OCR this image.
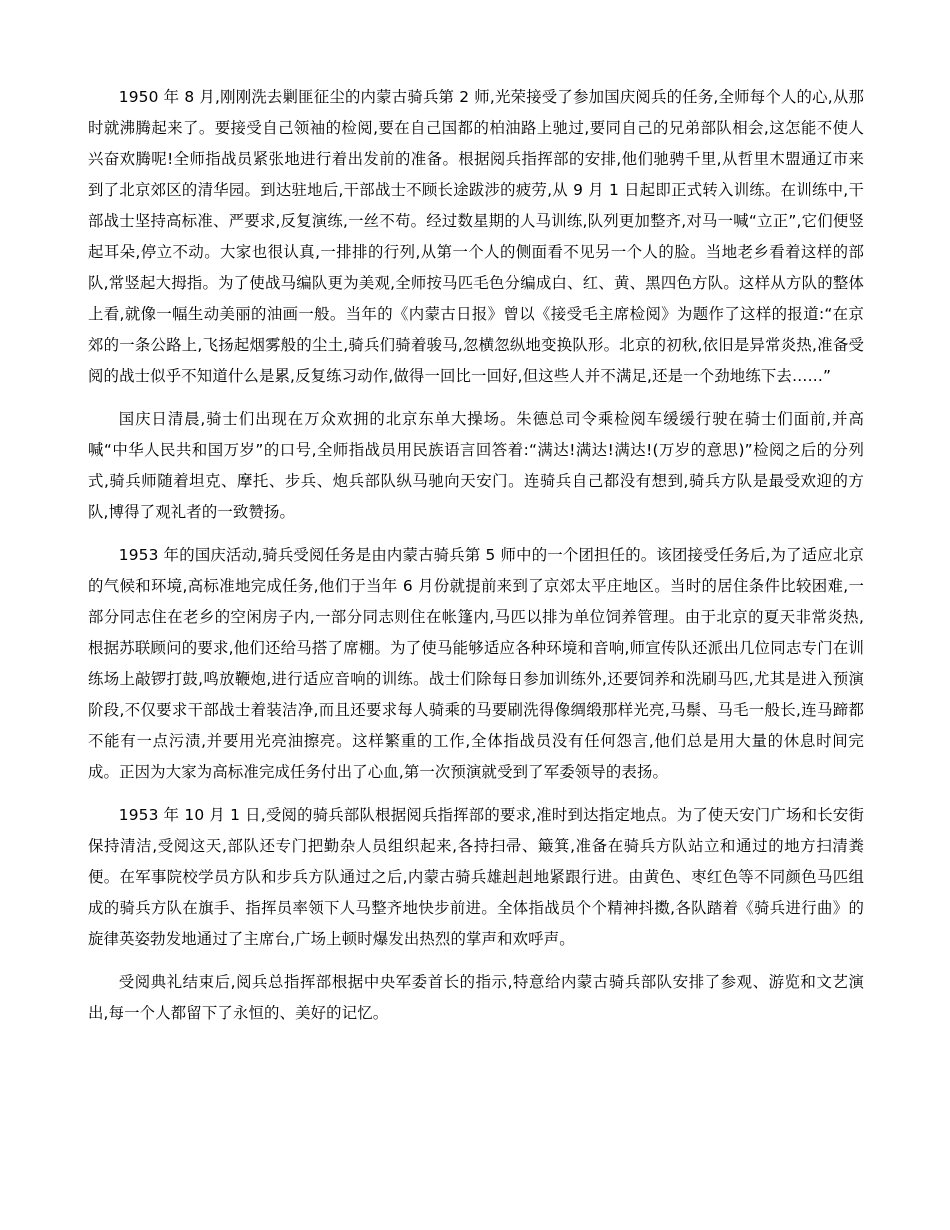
1950 年 8 月,刚刚洗去剿匪征尘的内蒙古骑兵第 2 师,光荣接受了参加国庆阅兵的任务,全师每个人的心,从那时就沸腾起来了。要接受自己领袖的检阅,要在自己国都的柏油路上驰过,要同自己的兄弟部队相会,这怎能不使人兴奋欢腾呢!全师指战员紧张地进行着出发前的准备。根据阅兵指挥部的安排,他们驰骋千里,从哲里木盟通辽市来到了北京郊区的清华园。到达驻地后,干部战士不顾长途跋涉的疲劳,从 9 月 1 日起即正式转入训练。在训练中,干部战士坚持高标准、严要求,反复演练,一丝不苟。经过数星期的人马训练,队列更加整齐,对马一喊“立正”,它们便竖起耳朵,停立不动。大家也很认真,一排排的行列,从第一个人的侧面看不见另一个人的脸。当地老乡看着这样的部队,常竖起大拇指。为了使战马编队更为美观,全师按马匹毛色分编成白、红、黄、黑四色方队。这样从方队的整体上看,就像一幅生动美丽的油画一般。当年的《内蒙古日报》曾以《接受毛主席检阅》为题作了这样的报道:“在京郊的一条公路上,飞扬起烟雾般的尘土,骑兵们骑着骏马,忽横忽纵地变换队形。北京的初秋,依旧是异常炎热,准备受阅的战士似乎不知道什么是累,反复练习动作,做得一回比一回好,但这些人并不满足,还是一个劲地练下去……”

国庆日清晨,骑士们出现在万众欢拥的北京东单大操场。朱德总司令乘检阅车缓缓行驶在骑士们面前,并高喊“中华人民共和国万岁”的口号,全师指战员用民族语言回答着:“满达!满达!满达!(万岁的意思)”检阅之后的分列式,骑兵师随着坦克、摩托、步兵、炮兵部队纵马驰向天安门。连骑兵自己都没有想到,骑兵方队是最受欢迎的方队,博得了观礼者的一致赞扬。

1953 年的国庆活动,骑兵受阅任务是由内蒙古骑兵第 5 师中的一个团担任的。该团接受任务后,为了适应北京的气候和环境,高标准地完成任务,他们于当年 6 月份就提前来到了京郊太平庄地区。当时的居住条件比较困难,一部分同志住在老乡的空闲房子内,一部分同志则住在帐篷内,马匹以排为单位饲养管理。由于北京的夏天非常炎热,根据苏联顾问的要求,他们还给马搭了席棚。为了使马能够适应各种环境和音响,师宣传队还派出几位同志专门在训练场上敲锣打鼓,鸣放鞭炮,进行适应音响的训练。战士们除每日参加训练外,还要饲养和洗刷马匹,尤其是进入预演阶段,不仅要求干部战士着装洁净,而且还要求每人骑乘的马要刷洗得像绸缎那样光亮,马鬃、马毛一般长,连马蹄都不能有一点污渍,并要用光亮油擦亮。这样繁重的工作,全体指战员没有任何怨言,他们总是用大量的休息时间完成。正因为大家为高标准完成任务付出了心血,第一次预演就受到了军委领导的表扬。

1953 年 10 月 1 日,受阅的骑兵部队根据阅兵指挥部的要求,准时到达指定地点。为了使天安门广场和长安街保持清洁,受阅这天,部队还专门把勤杂人员组织起来,各持扫帚、簸箕,准备在骑兵方队站立和通过的地方扫清粪便。在军事院校学员方队和步兵方队通过之后,内蒙古骑兵雄赳赳地紧跟行进。由黄色、枣红色等不同颜色马匹组成的骑兵方队在旗手、指挥员率领下人马整齐地快步前进。全体指战员个个精神抖擞,各队踏着《骑兵进行曲》的旋律英姿勃发地通过了主席台,广场上顿时爆发出热烈的掌声和欢呼声。

受阅典礼结束后,阅兵总指挥部根据中央军委首长的指示,特意给内蒙古骑兵部队安排了参观、游览和文艺演出,每一个人都留下了永恒的、美好的记忆。
